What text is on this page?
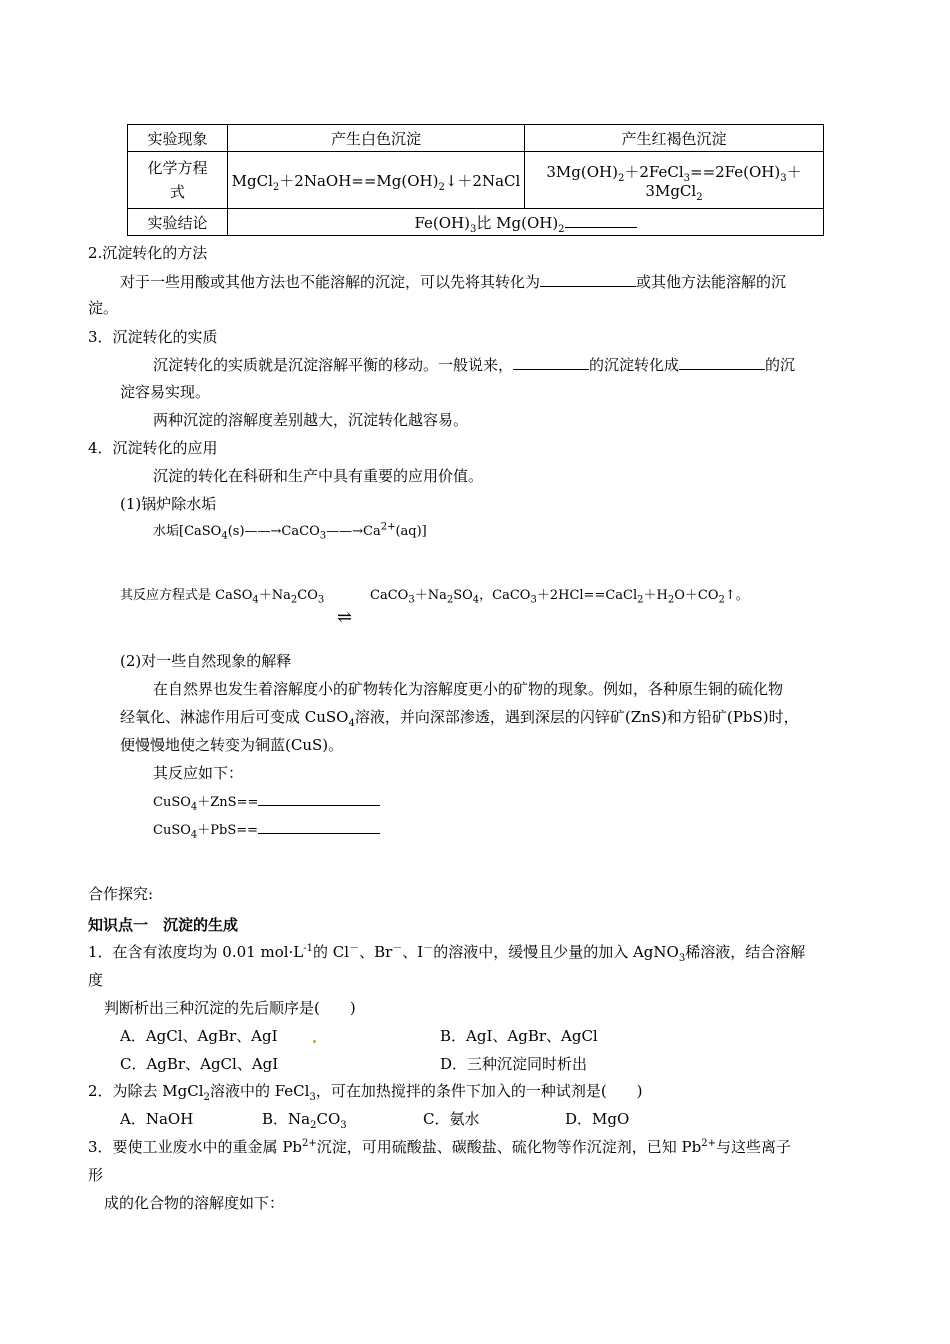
实验现象	产生白色沉淀	产生红褐色沉淀

化学方程
式	$MgCl_2+2NaOH==Mg(OH)_2↓+2NaCl$	$3Mg(OH)_2+2FeCl_3==2Fe(OH)_3+3MgCl_2$
实验结论	$Fe(OH)_3$比 $Mg(OH)_2$
2.沉淀转化的方法
对于一些用酸或其他方法也不能溶解的沉淀，可以先将其转化为	或其他方法能溶解的沉
淀。
3．沉淀转化的实质
沉淀转化的实质就是沉淀溶解平衡的移动。一般说来，	的沉淀转化成	的沉
淀容易实现。
两种沉淀的溶解度差别越大，沉淀转化越容易。
4．沉淀转化的应用
沉淀的转化在科研和生产中具有重要的应用价值。
(1)锅炉除水垢
水垢$[CaSO_4(s)——\to CaCO_3——\to Ca^{2+}(aq)]$
其反应方程式是 $CaSO_4+Na_2CO_3$	$CaCO_3+Na_2SO_4$，$CaCO_3+2HCl==CaCl_2+H_2O+CO_2↑$。
⇌
(2)对一些自然现象的解释
在自然界也发生着溶解度小的矿物转化为溶解度更小的矿物的现象。例如，各种原生铜的硫化物
经氧化、淋滤作用后可变成 CuSO$_4$溶液，并向深部渗透，遇到深层的闪锌矿(ZnS)和方铅矿(PbS)时，
便慢慢地使之转变为铜蓝(CuS)。
其反应如下：
CuSO$_4$＋ZnS==
CuSO$_4$＋PbS==
合作探究:
知识点一　沉淀的生成
1．在含有浓度均为 0.01 $mol\cdot L^{-1}$的 Cl－、Br－、I－的溶液中，缓慢且少量的加入 AgNO$_3$稀溶液，结合溶解
度
判断析出三种沉淀的先后顺序是(　　)
A．AgCl、AgBr、AgI	B．AgI、AgBr、AgCl
C．AgBr、AgCl、AgI	D．三种沉淀同时析出
2．为除去 MgCl$_2$溶液中的 FeCl$_3$，可在加热搅拌的条件下加入的一种试剂是(　　)
A．NaOH	B．$Na_2CO_3$	C．氨水	D．MgO
3．要使工业废水中的重金属 $Pb^{2+}$沉淀，可用硫酸盐、碳酸盐、硫化物等作沉淀剂，已知 $Pb^{2+}$与这些离子
形
成的化合物的溶解度如下：
